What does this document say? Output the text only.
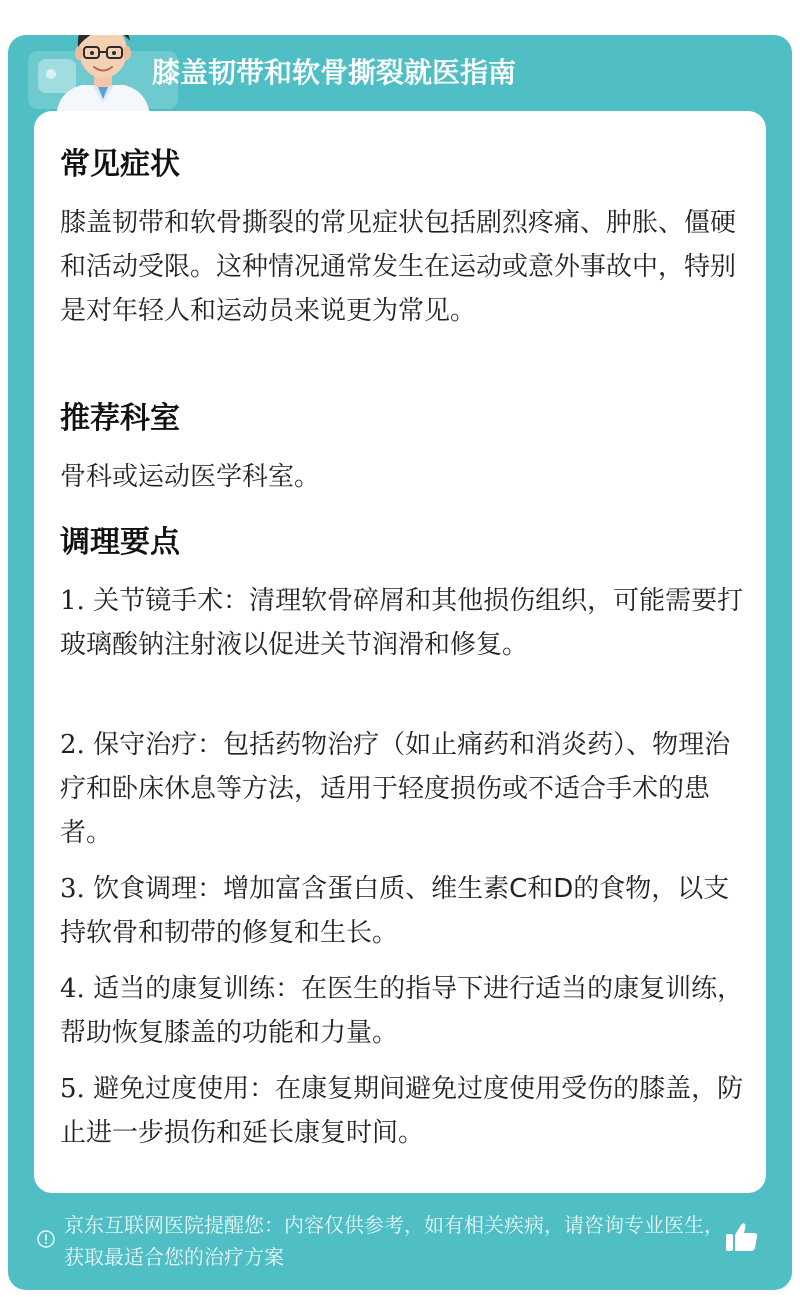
膝盖韧带和软骨撕裂就医指南
常见症状
膝盖韧带和软骨撕裂的常见症状包括剧烈疼痛、肿胀、僵硬和活动受限。这种情况通常发生在运动或意外事故中，特别是对年轻人和运动员来说更为常见。
推荐科室
骨科或运动医学科室。
调理要点
1. 关节镜手术：清理软骨碎屑和其他损伤组织，可能需要打玻璃酸钠注射液以促进关节润滑和修复。
2. 保守治疗：包括药物治疗（如止痛药和消炎药）、物理治疗和卧床休息等方法，适用于轻度损伤或不适合手术的患者。
3. 饮食调理：增加富含蛋白质、维生素C和D的食物，以支持软骨和韧带的修复和生长。
4. 适当的康复训练：在医生的指导下进行适当的康复训练，帮助恢复膝盖的功能和力量。
5. 避免过度使用：在康复期间避免过度使用受伤的膝盖，防止进一步损伤和延长康复时间。
京东互联网医院提醒您：内容仅供参考，如有相关疾病，请咨询专业医生，获取最适合您的治疗方案
